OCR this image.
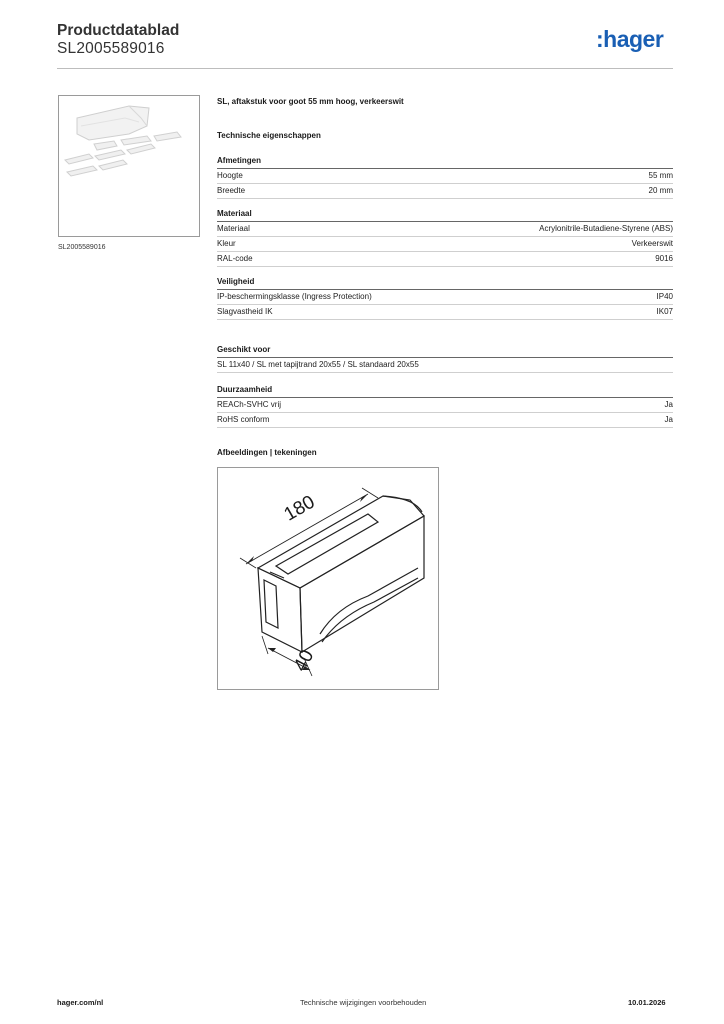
Productdatablad
SL2005589016	:hager
SL2005589016
SL, aftakstuk voor goot 55 mm hoog, verkeerswit
Technische eigenschappen
Afmetingen
Hoogte	55 mm
Breedte	20 mm
Materiaal
Materiaal	Acrylonitrile-Butadiene-Styrene (ABS)
Kleur	Verkeerswit
RAL-code	9016
Veiligheid
IP-beschermingsklasse (Ingress Protection)	IP40
Slagvastheid IK	IK07
Geschikt voor
SL 11x40 / SL met tapijtrand 20x55 / SL standaard 20x55
Duurzaamheid
REACh-SVHC vrij	Ja
RoHS conform	Ja
Afbeeldingen | tekeningen
180
40
hager.com/nl	Technische wijzigingen voorbehouden	10.01.2026
